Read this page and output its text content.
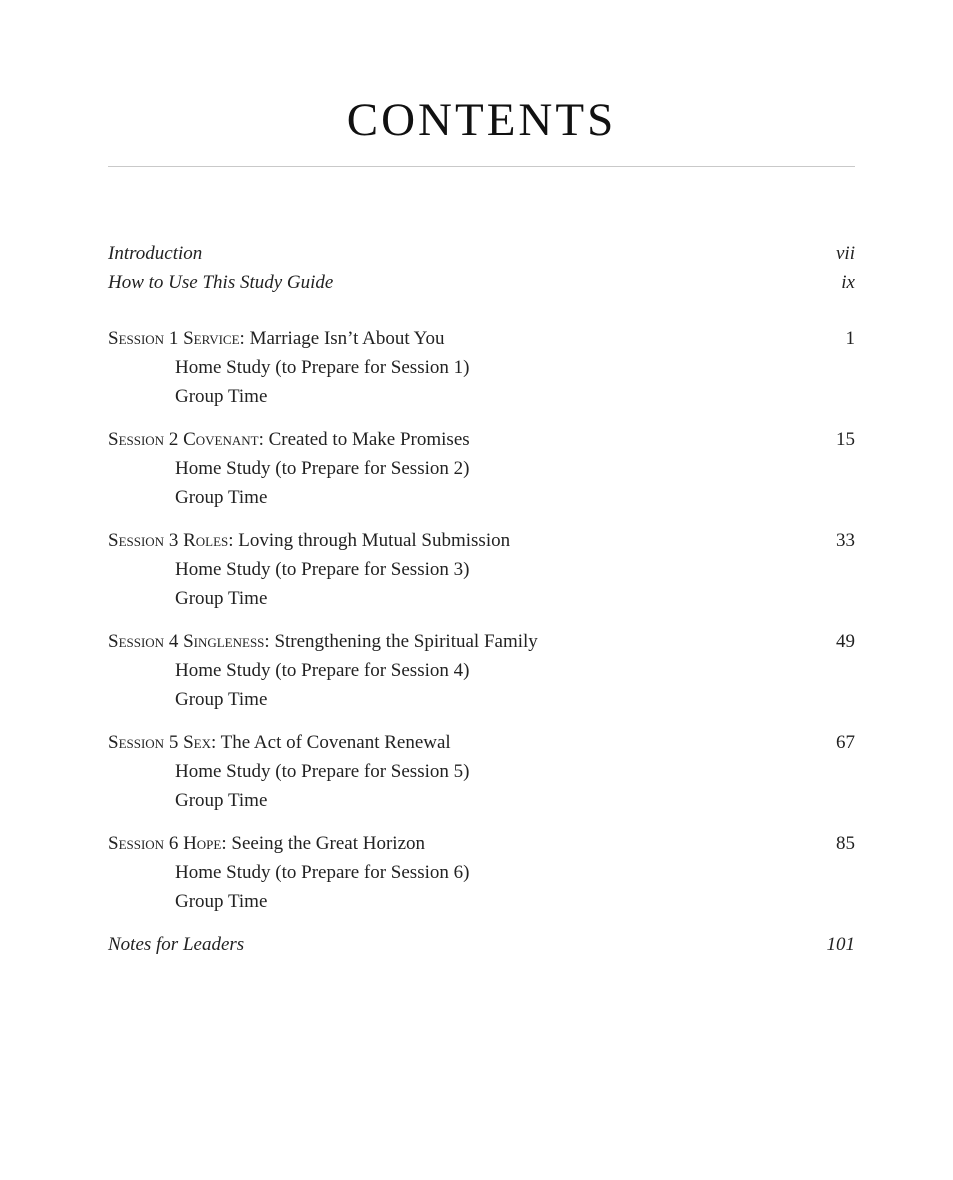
CONTENTS
Introduction	vii
How to Use This Study Guide	ix
Session 1 Service: Marriage Isn’t About You	1
Home Study (to Prepare for Session 1)
Group Time
Session 2 Covenant: Created to Make Promises	15
Home Study (to Prepare for Session 2)
Group Time
Session 3 Roles: Loving through Mutual Submission	33
Home Study (to Prepare for Session 3)
Group Time
Session 4 Singleness: Strengthening the Spiritual Family	49
Home Study (to Prepare for Session 4)
Group Time
Session 5 Sex: The Act of Covenant Renewal	67
Home Study (to Prepare for Session 5)
Group Time
Session 6 Hope: Seeing the Great Horizon	85
Home Study (to Prepare for Session 6)
Group Time
Notes for Leaders	101
